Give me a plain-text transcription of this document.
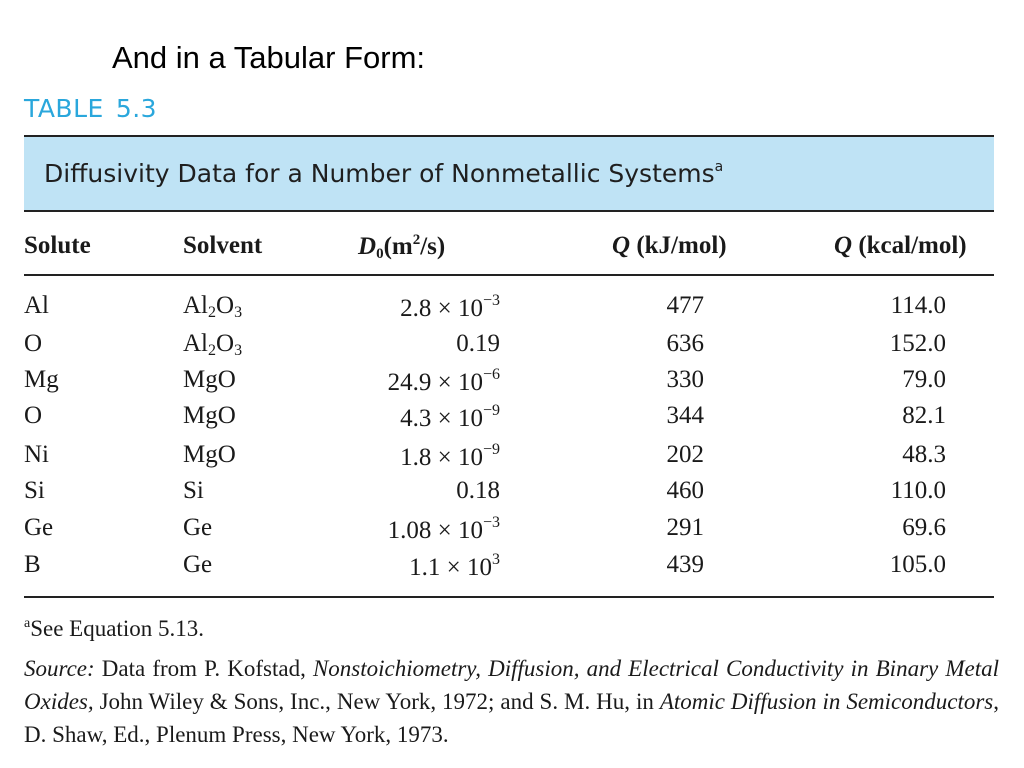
And in a Tabular Form:
TABLE 5.3
Diffusivity Data for a Number of Nonmetallic Systems$^a$
Solute	Solvent	$D_0(m^2/s)$	Q (kJ/mol)	Q (kcal/mol)
Al	$Al_2O_3$	$2.8 \times 10^{-3}$	477	114.0
O	$Al_2O_3$	0.19	636	152.0
Mg	MgO	$24.9 \times 10^{-6}$	330	79.0
O	MgO	$4.3 \times 10^{-9}$	344	82.1
Ni	MgO	$1.8 \times 10^{-9}$	202	48.3
Si	Si	0.18	460	110.0
Ge	Ge	$1.08 \times 10^{-3}$	291	69.6
B	Ge	$1.1 \times 10^3$	439	105.0
$^a$See Equation 5.13.
Source: Data from P. Kofstad, Nonstoichiometry, Diffusion, and Electrical Conductivity in Binary Metal Oxides, John Wiley & Sons, Inc., New York, 1972; and S. M. Hu, in Atomic Diffusion in Semiconductors, D. Shaw, Ed., Plenum Press, New York, 1973.
